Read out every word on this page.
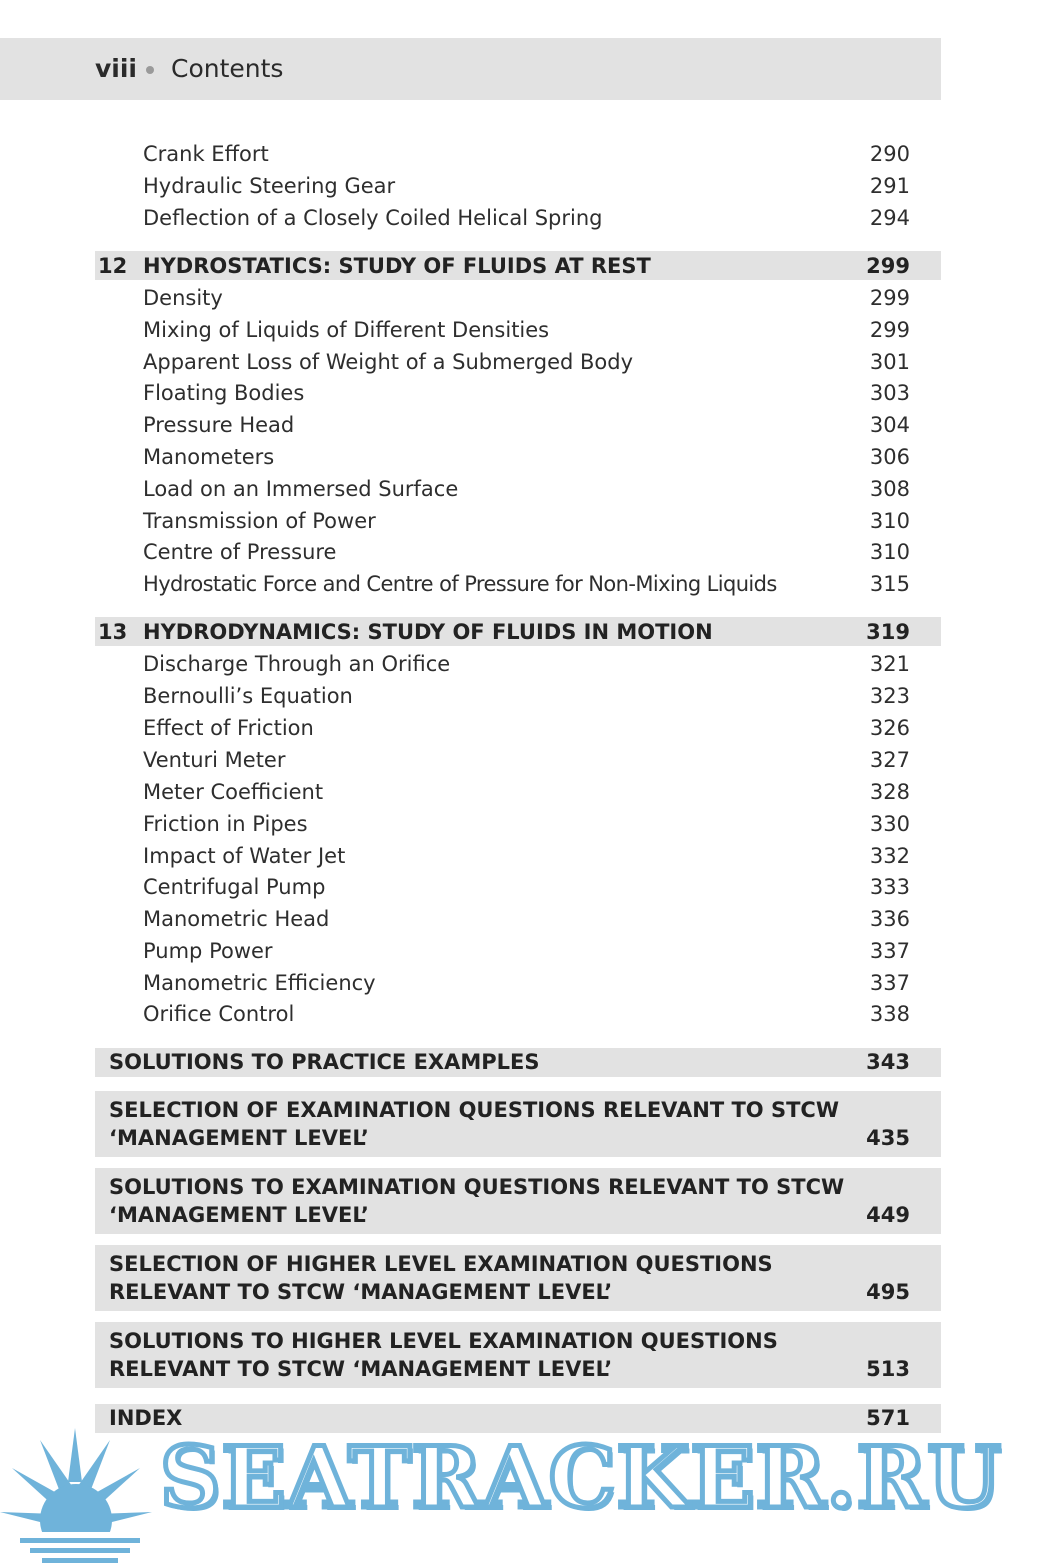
viii Contents
Crank Effort	290
Hydraulic Steering Gear	291
Deflection of a Closely Coiled Helical Spring	294
12 HYDROSTATICS: STUDY OF FLUIDS AT REST	299
Density	299
Mixing of Liquids of Different Densities	299
Apparent Loss of Weight of a Submerged Body	301
Floating Bodies	303
Pressure Head	304
Manometers	306
Load on an Immersed Surface	308
Transmission of Power	310
Centre of Pressure	310
Hydrostatic Force and Centre of Pressure for Non-Mixing Liquids	315
13 HYDRODYNAMICS: STUDY OF FLUIDS IN MOTION	319
Discharge Through an Orifice	321
Bernoulli’s Equation	323
Effect of Friction	326
Venturi Meter	327
Meter Coefficient	328
Friction in Pipes	330
Impact of Water Jet	332
Centrifugal Pump	333
Manometric Head	336
Pump Power	337
Manometric Efficiency	337
Orifice Control	338
SOLUTIONS TO PRACTICE EXAMPLES	343
SELECTION OF EXAMINATION QUESTIONS RELEVANT TO STCW
‘MANAGEMENT LEVEL’	435
SOLUTIONS TO EXAMINATION QUESTIONS RELEVANT TO STCW
‘MANAGEMENT LEVEL’	449
SELECTION OF HIGHER LEVEL EXAMINATION QUESTIONS
RELEVANT TO STCW ‘MANAGEMENT LEVEL’	495
SOLUTIONS TO HIGHER LEVEL EXAMINATION QUESTIONS
RELEVANT TO STCW ‘MANAGEMENT LEVEL’	513
INDEX	571
SEATRACKER.RU
